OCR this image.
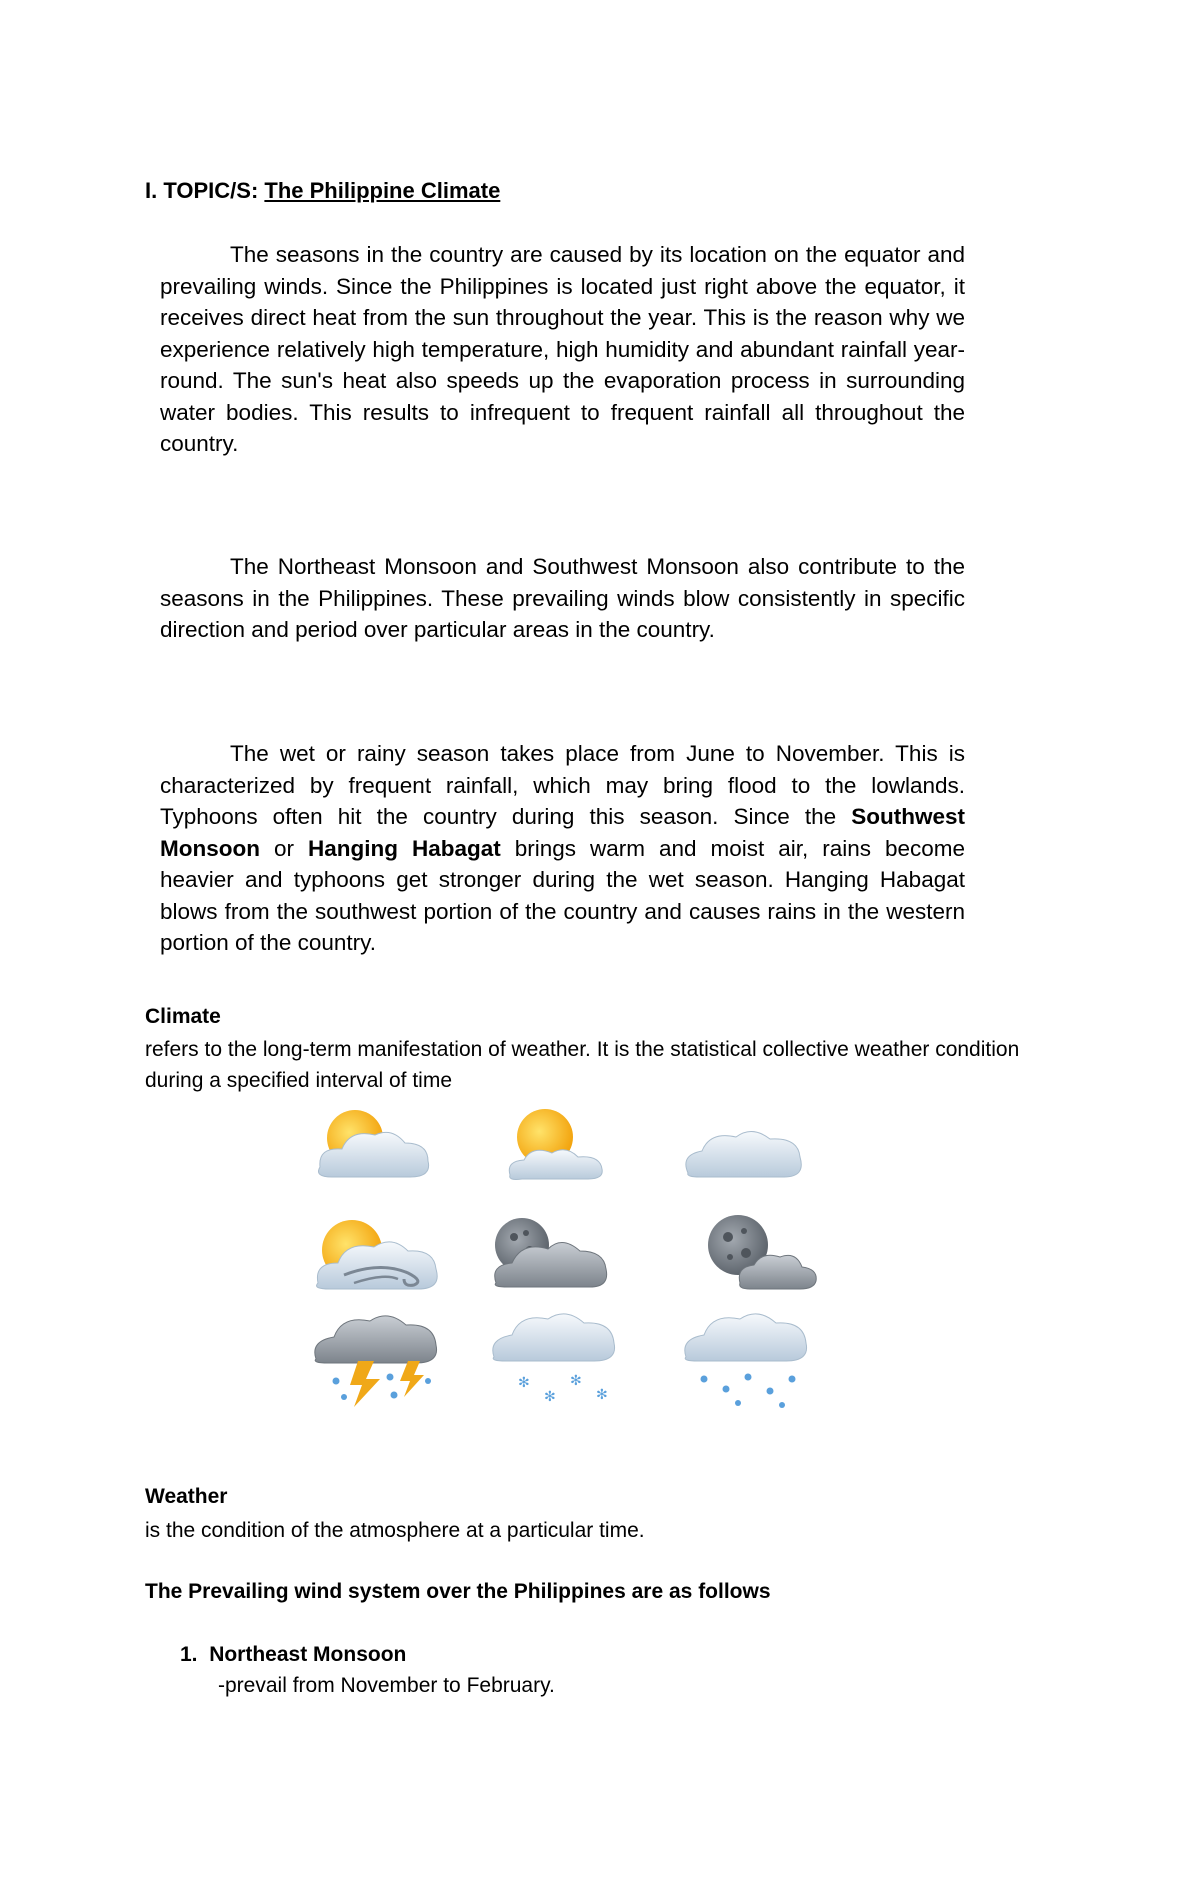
I. TOPIC/S: The Philippine Climate
The seasons in the country are caused by its location on the equator and prevailing winds. Since the Philippines is located just right above the equator, it receives direct heat from the sun throughout the year. This is the reason why we experience relatively high temperature, high humidity and abundant rainfall year-round. The sun's heat also speeds up the evaporation process in surrounding water bodies. This results to infrequent to frequent rainfall all throughout the country.
The Northeast Monsoon and Southwest Monsoon also contribute to the seasons in the Philippines. These prevailing winds blow consistently in specific direction and period over particular areas in the country.
The wet or rainy season takes place from June to November. This is characterized by frequent rainfall, which may bring flood to the lowlands. Typhoons often hit the country during this season. Since the Southwest Monsoon or Hanging Habagat brings warm and moist air, rains become heavier and typhoons get stronger during the wet season. Hanging Habagat blows from the southwest portion of the country and causes rains in the western portion of the country.
Climate
refers to the long-term manifestation of weather. It is the statistical collective weather condition during a specified interval of time
✻
✻
✻
✻
Weather
is the condition of the atmosphere at a particular time.
The Prevailing wind system over the Philippines are as follows
1. Northeast Monsoon
-prevail from November to February.
